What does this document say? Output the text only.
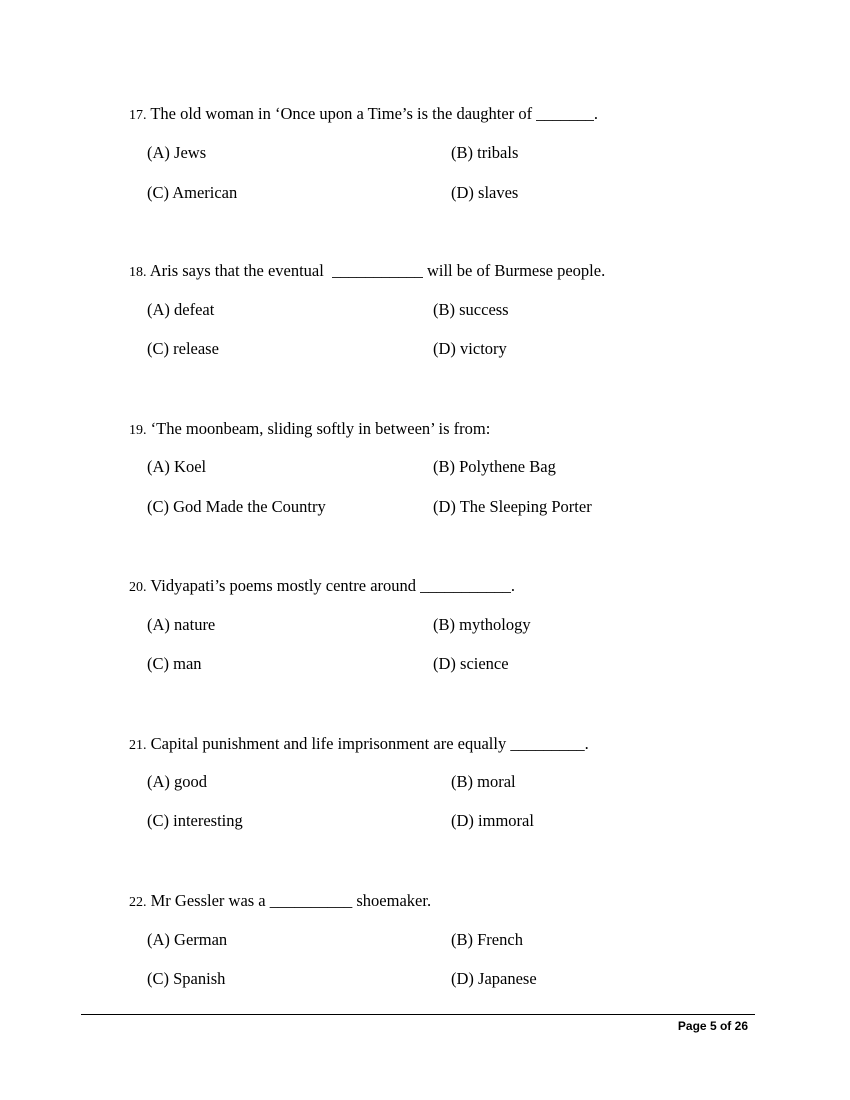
17. The old woman in ‘Once upon a Time’s is the daughter of _______.
(A) Jews	(B) tribals
(C) American	(D) slaves
18. Aris says that the eventual  ___________ will be of Burmese people.
(A) defeat	(B) success
(C) release	(D) victory
19. ‘The moonbeam, sliding softly in between’ is from:
(A) Koel	(B) Polythene Bag
(C) God Made the Country	(D) The Sleeping Porter
20. Vidyapati’s poems mostly centre around ___________.
(A) nature	(B) mythology
(C) man	(D) science
21. Capital punishment and life imprisonment are equally _________.
(A) good	(B) moral
(C) interesting	(D) immoral
22. Mr Gessler was a __________ shoemaker.
(A) German	(B) French
(C) Spanish	(D) Japanese
Page 5 of 26
